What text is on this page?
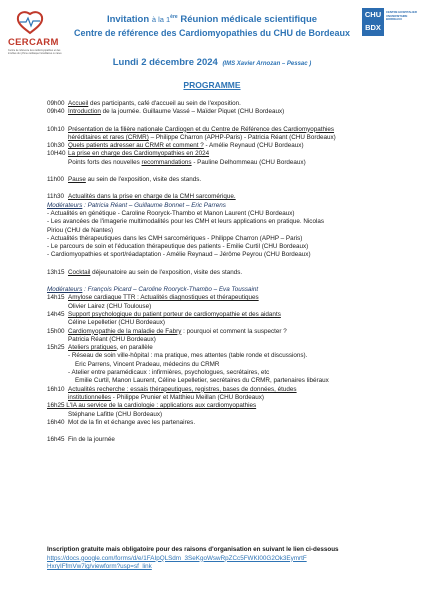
CERCARM
Centre de référence des cardiomyopathies et des troubles du rythme cardiaque héréditaires ou rares
CHU
BDX
CENTRE HOSPITALIER UNIVERSITAIRE BORDEAUX
Invitation à la 1ère Réunion médicale scientifique
Centre de référence des Cardiomyopathies du CHU de Bordeaux
Lundi 2 décembre 2024 (IMS Xavier Arnozan – Pessac )
PROGRAMME
09h00 Accueil des participants, café d'accueil au sein de l'exposition.
09h40 Introduction de la journée. Guillaume Vassé – Maïder Piquet (CHU Bordeaux)
10h10 Présentation de la filière nationale Cardiogen et du Centre de Référence des Cardiomyopathies
héréditaires et rares (CRMR) – Philippe Charron (APHP-Paris) - Patricia Réant (CHU Bordeaux)
10h30 Quels patients adresser au CRMR et comment ? - Amélie Reynaud (CHU Bordeaux)
10H40 La prise en charge des Cardiomyopathies en 2024
Points forts des nouvelles recommandations - Pauline Delhommeau (CHU Bordeaux)
11h00 Pause au sein de l'exposition, visite des stands.
11h30 Actualités dans la prise en charge de la CMH sarcomérique.
Modérateurs : Patricia Réant – Guillaume Bonnet – Eric Parrens
- Actualités en génétique - Caroline Rooryck-Thambo et Manon Laurent (CHU Bordeaux)
- Les avancées de l'imagerie multimodalités pour les CMH et leurs applications en pratique. Nicolas
Piriou (CHU de Nantes)
- Actualités thérapeutiques dans les CMH sarcomériques - Philippe Charron (APHP – Paris)
- Le parcours de soin et l'éducation thérapeutique des patients - Emilie Curtil (CHU Bordeaux)
- Cardiomyopathies et sport/réadaptation - Amélie Reynaud – Jérôme Peyrou (CHU Bordeaux)
13h15 Cocktail déjeunatoire au sein de l'exposition, visite des stands.
Modérateurs : François Picard – Caroline Rooryck-Thambo – Eva Toussaint
14h15 Amylose cardiaque TTR : Actualités diagnostiques et thérapeutiques
Olivier Lairez (CHU Toulouse)
14h45 Support psychologique du patient porteur de cardiomyopathie et des aidants
Céline Lepelletier (CHU Bordeaux)
15h00 Cardiomyopathie de la maladie de Fabry : pourquoi et comment la suspecter ?
Patricia Réant (CHU Bordeaux)
15h25 Ateliers pratiques, en parallèle
- Réseau de soin ville-hôpital : ma pratique, mes attentes (table ronde et discussions).
Eric Parrens, Vincent Pradeau, médecins du CRMR
- Atelier entre paramédicaux : infirmières, psychologues, secrétaires, etc
Emilie Curtil, Manon Laurent, Céline Lepelletier, secrétaires du CRMR, partenaires libéraux
16h10 Actualités recherche : essais thérapeutiques, registres, bases de données, études
institutionnelles - Philippe Prunier et Matthieu Meillan (CHU Bordeaux)
16h25 L'IA au service de la cardiologie : applications aux cardiomyopathies
Stéphane Lafitte (CHU Bordeaux)
16h40 Mot de la fin et échange avec les partenaires.
16h45 Fin de la journée
Inscription gratuite mais obligatoire pour des raisons d'organisation en suivant le lien ci-dessous
https://docs.google.com/forms/d/e/1FAIpQLSdm_3SeKgoWswRpZCc5FWKI00G2Ok3EymrtF
HxryIFfmVw7ig/viewform?usp=sf_link
